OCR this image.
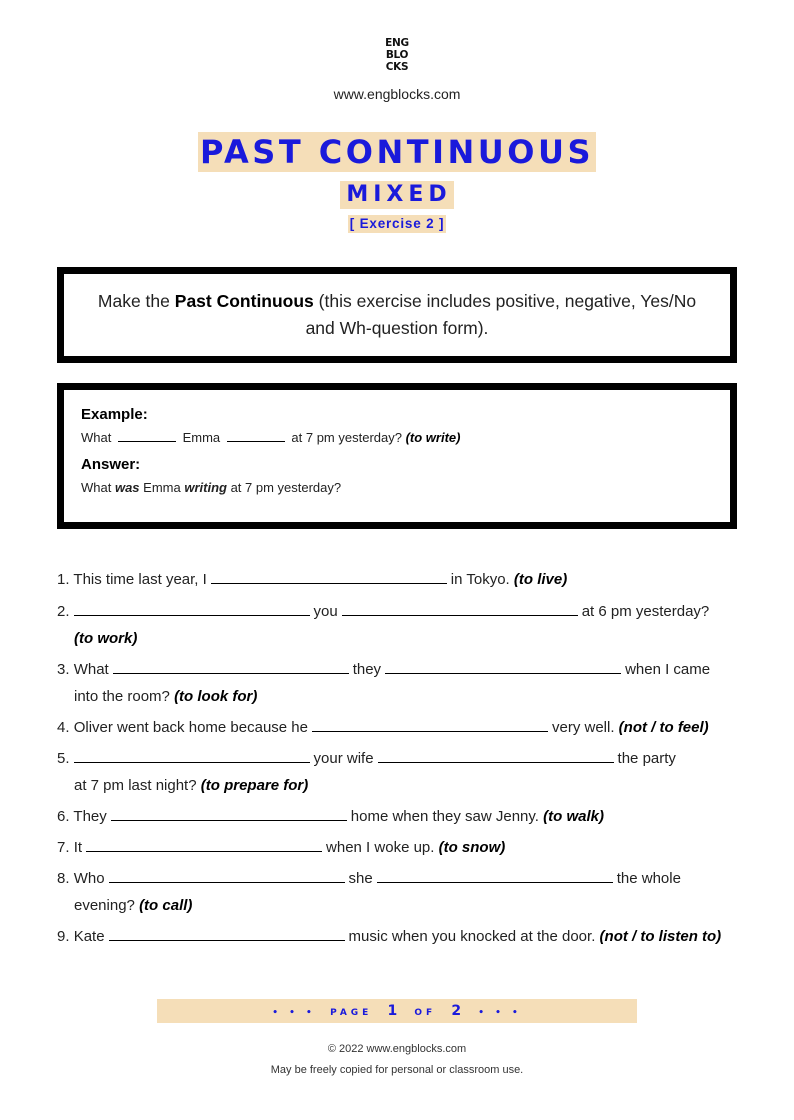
ENG
BLO
CKS
www.engblocks.com
PAST CONTINUOUS
MIXED
[ Exercise 2 ]
Make the Past Continuous (this exercise includes positive, negative, Yes/No and Wh-question form).
Example:
What	Emma	at 7 pm yesterday? (to write)
Answer:
What was Emma writing at 7 pm yesterday?
1. This time last year, I	in Tokyo. (to live)
2.	you	at 6 pm yesterday?
(to work)
3. What	they	when I came
into the room? (to look for)
4. Oliver went back home because he	very well. (not / to feel)
5.	your wife	the party
at 7 pm last night? (to prepare for)
6. They	home when they saw Jenny. (to walk)
7. It	when I woke up. (to snow)
8. Who	she	the whole
evening? (to call)
9. Kate	music when you knocked at the door. (not / to listen to)
• • • PAGE 1 OF 2 • • •
© 2022 www.engblocks.com
May be freely copied for personal or classroom use.
